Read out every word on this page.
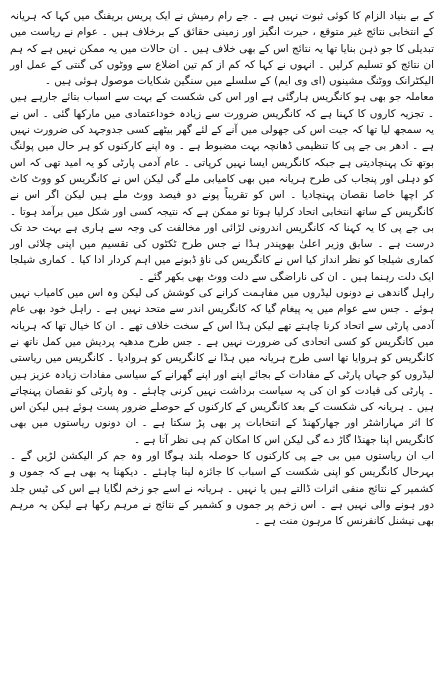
کے بے بنیاد الزام کا کوئی ثبوت نہیں ہے ۔ جے رام رمیش نے ایک پریس بریفنگ میں کہا کہ ہریانہ کے انتخابی نتائج غیر متوقع ، حیرت انگیز اور زمینی حقائق کے برخلاف ہیں ۔ عوام نے ریاست میں تبدیلی کا جو ذہن بنایا تھا یہ نتائج اس کے بھی خلاف ہیں ۔ ان حالات میں یہ ممکن نہیں ہے کہ ہم ان نتائج کو تسلیم کرلیں ۔ انہوں نے کہا کہ کم از کم تین اضلاع سے ووٹوں کی گنتی کے عمل اور الیکٹرانک ووٹنگ مشینوں (ای وی ایم) کے سلسلے میں سنگین شکایات موصول ہوئی ہیں ۔

معاملہ جو بھی ہو کانگریس ہارگئی ہے اور اس کی شکست کے بہت سے اسباب بتائے جارہے ہیں ۔ تجزیہ کاروں کا کہنا ہے کہ کانگریس ضرورت سے زیادہ خوداعتمادی میں مارکھا گئی ۔ اس نے یہ سمجھ لیا تھا کہ جیت اس کی جھولی میں آنے کے لئے گھر بیٹھے کسی جدوجہد کی ضرورت نہیں ہے ۔ ادھر بی جے پی کا تنظیمی ڈھانچہ بہت مضبوط ہے ۔ وہ اپنے کارکنوں کو ہر حال میں پولنگ بوتھ تک پہنچادیتی ہے جبکہ کانگریس ایسا نہیں کرپاتی ۔ عام آدمی پارٹی کو یہ امید تھی کہ اس کو دہلی اور پنجاب کی طرح ہریانہ میں بھی کامیابی ملے گی لیکن اس نے کانگریس کو ووٹ کاٹ کر اچھا خاصا نقصان پہنچادیا ۔ اس کو تقریباً پونے دو فیصد ووٹ ملے ہیں لیکن اگر اس نے کانگریس کے ساتھ انتخابی اتحاد کرلیا ہوتا تو ممکن ہے کہ نتیجہ کسی اور شکل میں برآمد ہوتا ۔ بی جے پی کا یہ کہنا کہ کانگریس اندرونی لڑائی اور مخالفت کی وجہ سے ہاری ہے بہت حد تک درست ہے ۔ سابق وزیر اعلیٰ بھوپندر ہڈا نے جس طرح ٹکٹوں کی تقسیم میں اپنی چلائی اور کماری شیلجا کو نظر انداز کیا اس نے کانگریس کی ناؤ ڈبونے میں اہم کردار ادا کیا ۔ کماری شیلجا ایک دلت رہنما ہیں ۔ ان کی ناراضگی سے دلت ووٹ بھی بکھر گئے ۔

راہل گاندھی نے دونوں لیڈروں میں مفاہمت کرانے کی کوشش کی لیکن وہ اس میں کامیاب نہیں ہوئے ۔ جس سے عوام میں یہ پیغام گیا کہ کانگریس اندر سے متحد نہیں ہے ۔ راہل خود بھی عام آدمی پارٹی سے اتحاد کرنا چاہتے تھے لیکن ہڈا اس کے سخت خلاف تھے ۔ ان کا خیال تھا کہ ہریانہ میں کانگریس کو کسی اتحادی کی ضرورت نہیں ہے ۔ جس طرح مدھیہ پردیش میں کمل ناتھ نے کانگریس کو ہروایا تھا اسی طرح ہریانہ میں ہڈا نے کانگریس کو ہروادیا ۔ کانگریس میں ریاستی لیڈروں کو جہاں پارٹی کے مفادات کے بجائے اپنے اور اپنے گھرانے کے سیاسی مفادات زیادہ عزیز ہیں ۔ پارٹی کی قیادت کو ان کی یہ سیاست برداشت نہیں کرنی چاہئے ۔ وہ پارٹی کو نقصان پہنچاتے ہیں ۔ ہریانہ کی شکست کے بعد کانگریس کے کارکنوں کے حوصلے ضرور پست ہوئے ہیں لیکن اس کا اثر مہاراشٹر اور جھارکھنڈ کے انتخابات پر بھی پڑ سکتا ہے ۔ ان دونوں ریاستوں میں بھی کانگریس اپنا جھنڈا گاڑ دے گی لیکن اس کا امکان کم ہی نظر آتا ہے ۔

اب ان ریاستوں میں بی جے پی کارکنوں کا حوصلہ بلند ہوگا اور وہ جم کر الیکشن لڑیں گے ۔ بہرحال کانگریس کو اپنی شکست کے اسباب کا جائزہ لینا چاہئے ۔ دیکھنا یہ بھی ہے کہ جموں و کشمیر کے نتائج منفی اثرات ڈالتے ہیں یا نہیں ۔ ہریانہ نے اسے جو زخم لگایا ہے اس کی ٹیس جلد دور ہونے والی نہیں ہے ۔ اس زخم پر جموں و کشمیر کے نتائج نے مرہم رکھا ہے لیکن یہ مرہم بھی نیشنل کانفرنس کا مرہون منت ہے ۔
